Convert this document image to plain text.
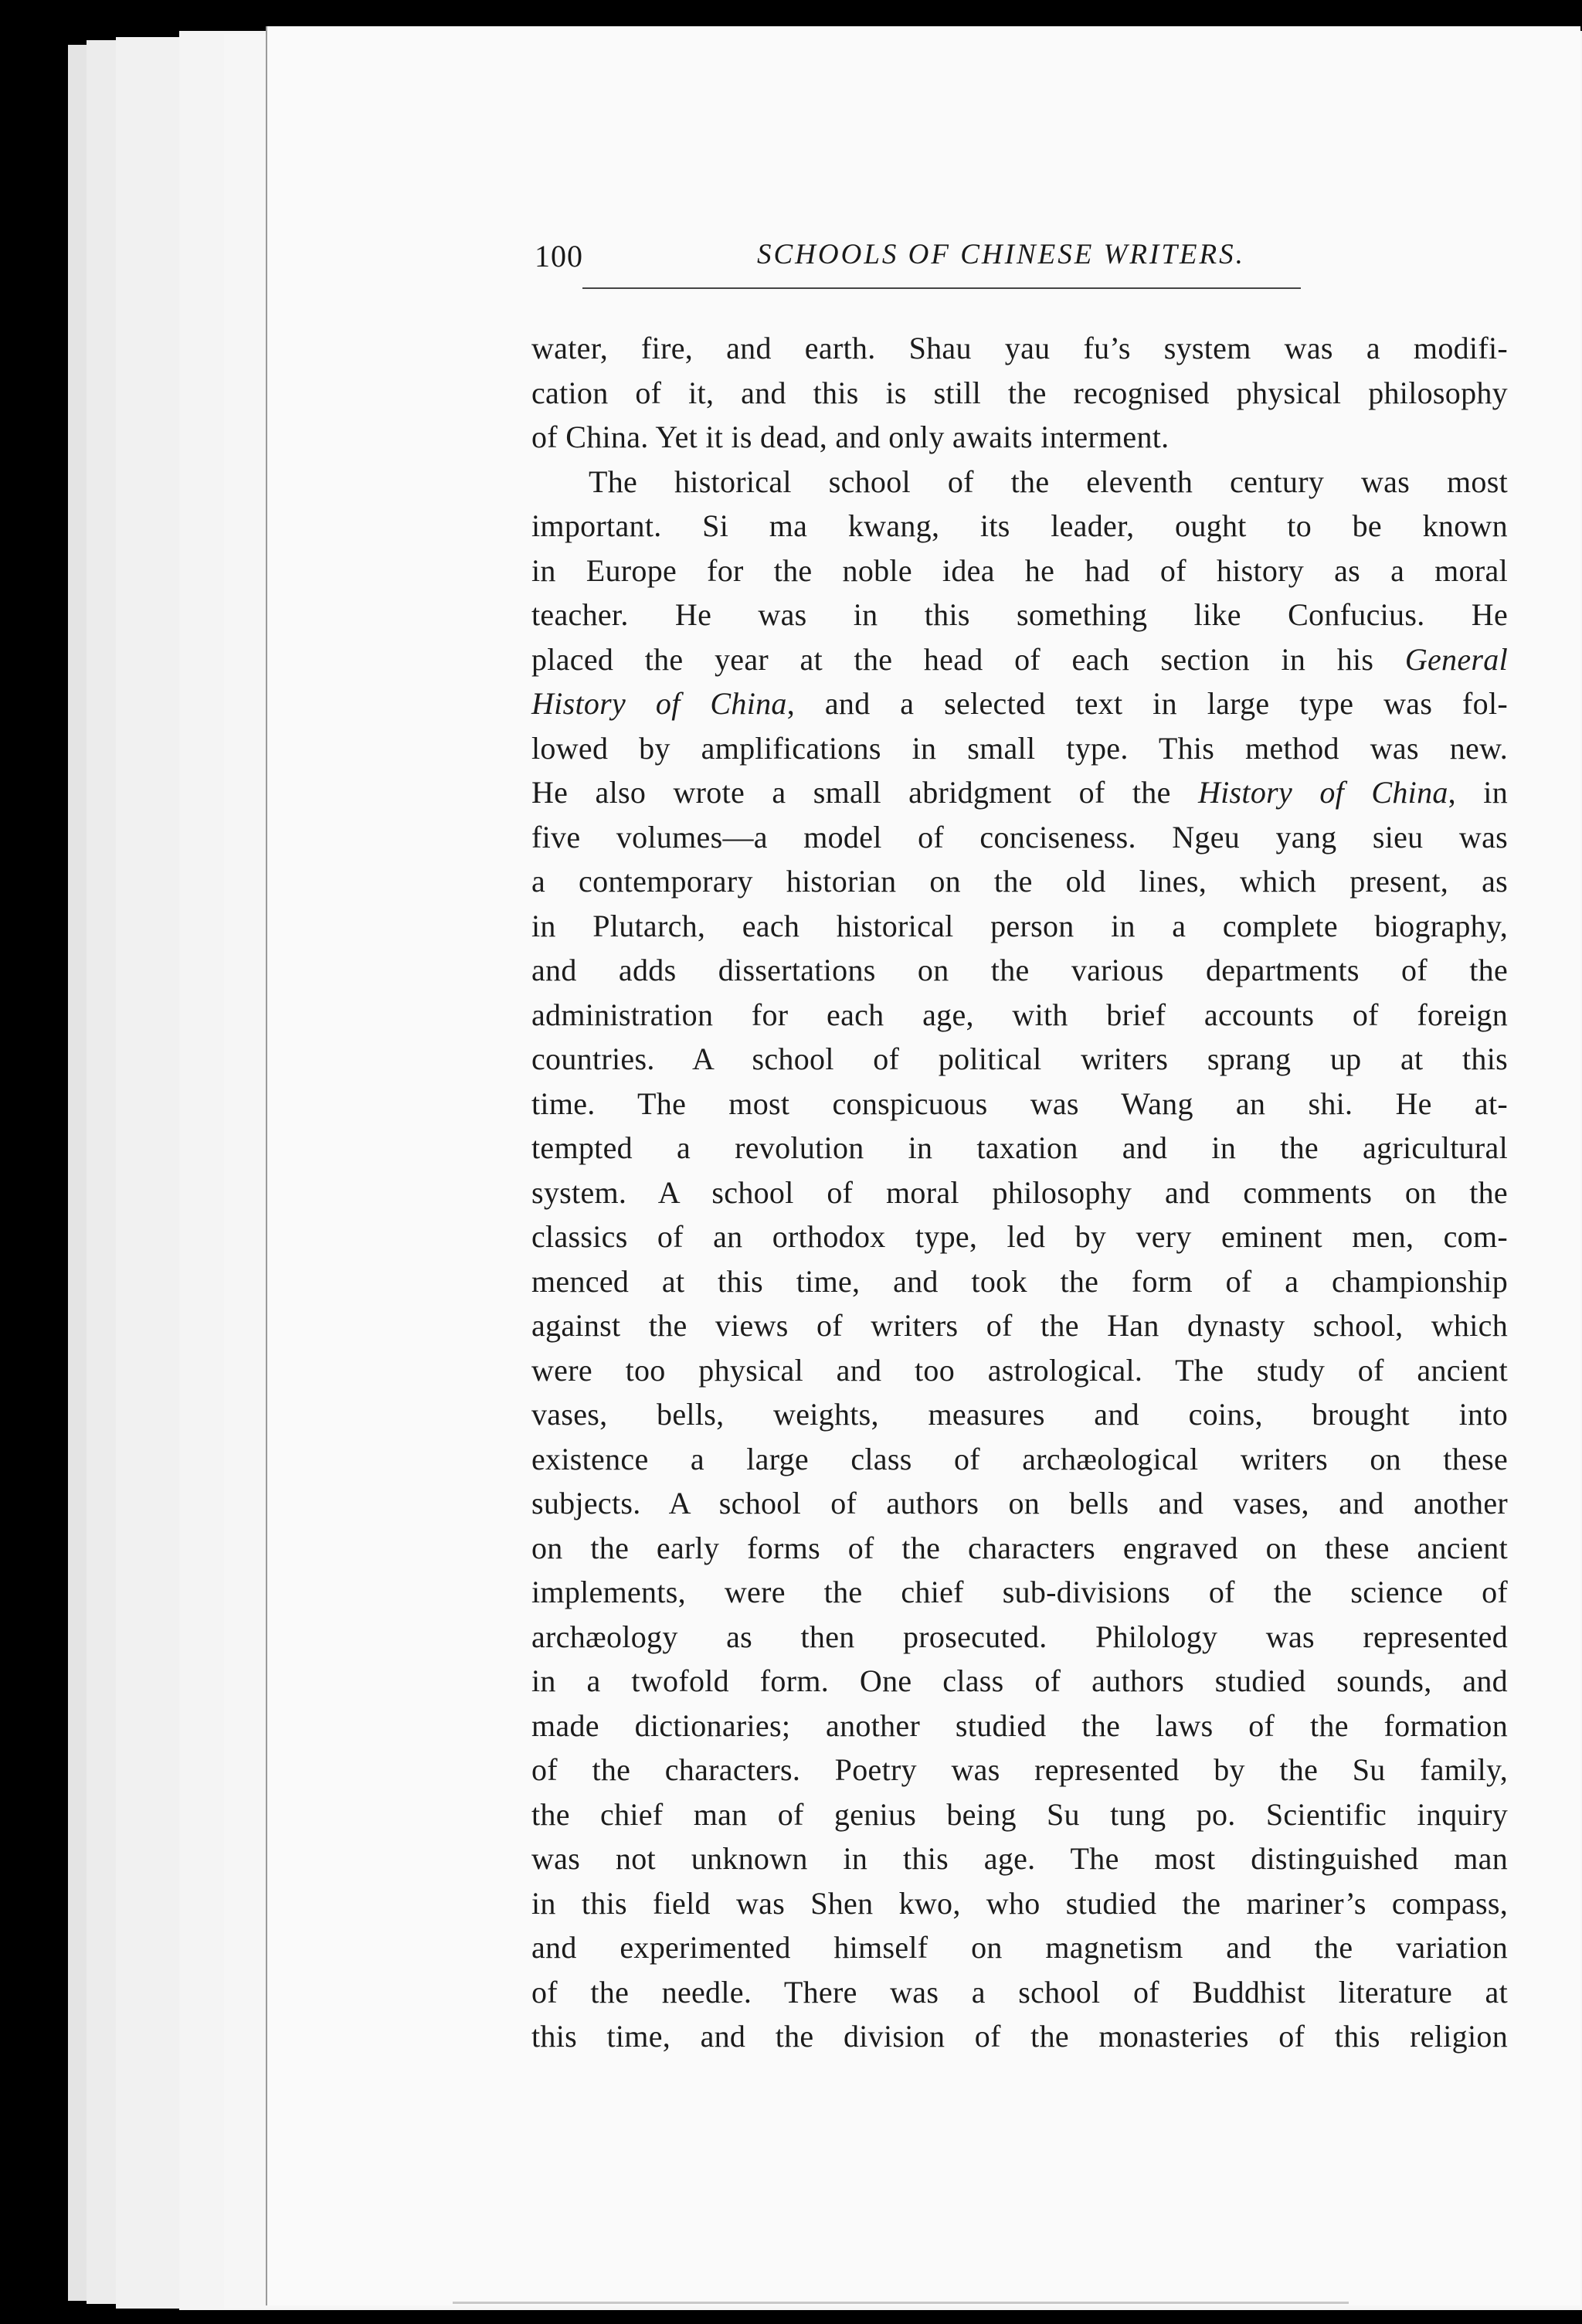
100	SCHOOLS OF CHINESE WRITERS.
water, fire, and earth. Shau yau fu’s system was a modifi-
cation of it, and this is still the recognised physical philosophy
of China. Yet it is dead, and only awaits interment.
The historical school of the eleventh century was most
important. Si ma kwang, its leader, ought to be known
in Europe for the noble idea he had of history as a moral
teacher. He was in this something like Confucius. He
placed the year at the head of each section in his General
History of China, and a selected text in large type was fol-
lowed by amplifications in small type. This method was new.
He also wrote a small abridgment of the History of China, in
five volumes—a model of conciseness. Ngeu yang sieu was
a contemporary historian on the old lines, which present, as
in Plutarch, each historical person in a complete biography,
and adds dissertations on the various departments of the
administration for each age, with brief accounts of foreign
countries. A school of political writers sprang up at this
time. The most conspicuous was Wang an shi. He at-
tempted a revolution in taxation and in the agricultural
system. A school of moral philosophy and comments on the
classics of an orthodox type, led by very eminent men, com-
menced at this time, and took the form of a championship
against the views of writers of the Han dynasty school, which
were too physical and too astrological. The study of ancient
vases, bells, weights, measures and coins, brought into
existence a large class of archæological writers on these
subjects. A school of authors on bells and vases, and another
on the early forms of the characters engraved on these ancient
implements, were the chief sub-divisions of the science of
archæology as then prosecuted. Philology was represented
in a twofold form. One class of authors studied sounds, and
made dictionaries; another studied the laws of the formation
of the characters. Poetry was represented by the Su family,
the chief man of genius being Su tung po. Scientific inquiry
was not unknown in this age. The most distinguished man
in this field was Shen kwo, who studied the mariner’s compass,
and experimented himself on magnetism and the variation
of the needle. There was a school of Buddhist literature at
this time, and the division of the monasteries of this religion
